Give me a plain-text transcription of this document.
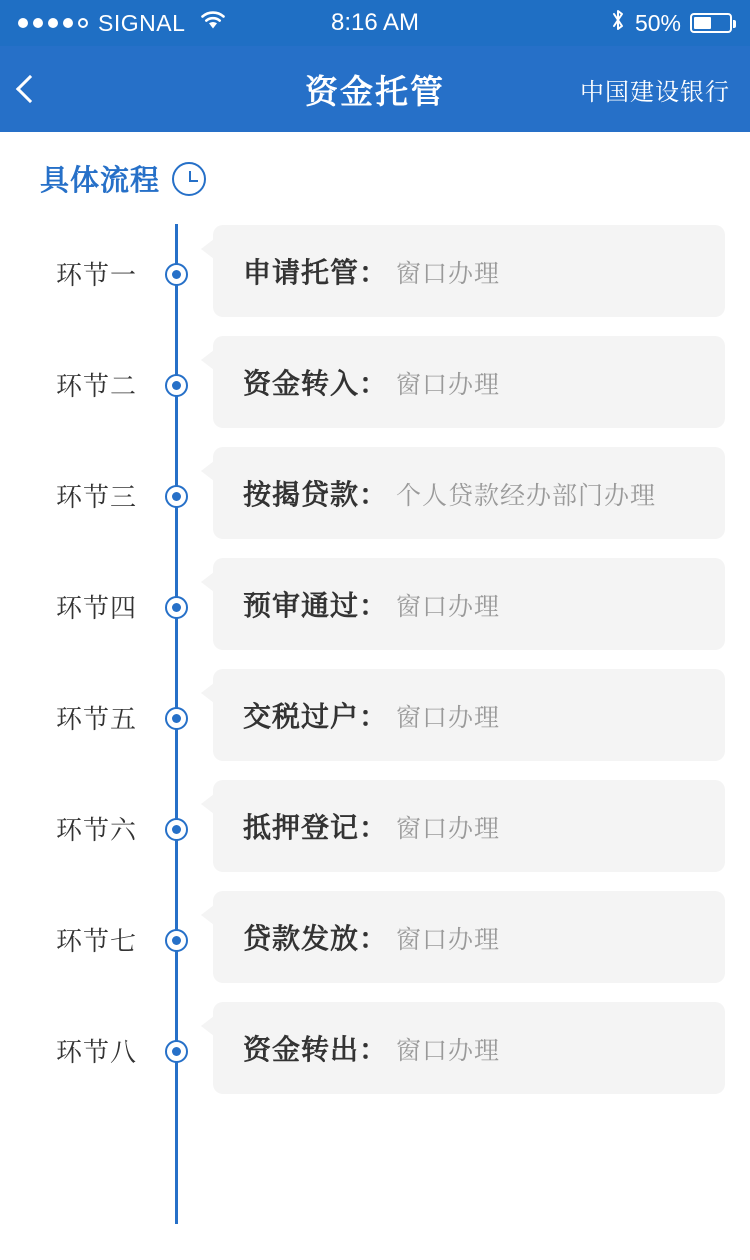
SIGNAL	8:16 AM	50%
资金托管	中国建设银行
具体流程
环节一	申请托管： 窗口办理
环节二	资金转入： 窗口办理
环节三	按揭贷款： 个人贷款经办部门办理
环节四	预审通过： 窗口办理
环节五	交税过户： 窗口办理
环节六	抵押登记： 窗口办理
环节七	贷款发放： 窗口办理
环节八	资金转出： 窗口办理
